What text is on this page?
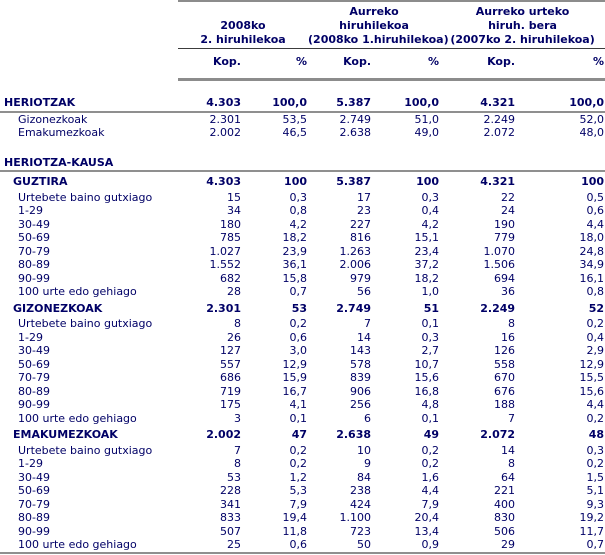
	2008ko
2. hiruhilekoa		Aurreko
hiruhilekoa
(2008ko 1.hiruhilekoa)		Aurreko urteko
hiruh. bera
(2007ko 2. hiruhilekoa)	
	Kop.	%	Kop.	%	Kop.	%

HERIOTZAK	4.303	100,0	5.387	100,0	4.321	100,0
Gizonezkoak	2.301	53,5	2.749	51,0	2.249	52,0
Emakumezkoak	2.002	46,5	2.638	49,0	2.072	48,0

HERIOTZA-KAUSA						
GUZTIRA	4.303	100	5.387	100	4.321	100
Urtebete baino gutxiago	15	0,3	17	0,3	22	0,5
1-29	34	0,8	23	0,4	24	0,6
30-49	180	4,2	227	4,2	190	4,4
50-69	785	18,2	816	15,1	779	18,0
70-79	1.027	23,9	1.263	23,4	1.070	24,8
80-89	1.552	36,1	2.006	37,2	1.506	34,9
90-99	682	15,8	979	18,2	694	16,1
100 urte edo gehiago	28	0,7	56	1,0	36	0,8
GIZONEZKOAK	2.301	53	2.749	51	2.249	52
Urtebete baino gutxiago	8	0,2	7	0,1	8	0,2
1-29	26	0,6	14	0,3	16	0,4
30-49	127	3,0	143	2,7	126	2,9
50-69	557	12,9	578	10,7	558	12,9
70-79	686	15,9	839	15,6	670	15,5
80-89	719	16,7	906	16,8	676	15,6
90-99	175	4,1	256	4,8	188	4,4
100 urte edo gehiago	3	0,1	6	0,1	7	0,2
EMAKUMEZKOAK	2.002	47	2.638	49	2.072	48
Urtebete baino gutxiago	7	0,2	10	0,2	14	0,3
1-29	8	0,2	9	0,2	8	0,2
30-49	53	1,2	84	1,6	64	1,5
50-69	228	5,3	238	4,4	221	5,1
70-79	341	7,9	424	7,9	400	9,3
80-89	833	19,4	1.100	20,4	830	19,2
90-99	507	11,8	723	13,4	506	11,7
100 urte edo gehiago	25	0,6	50	0,9	29	0,7
